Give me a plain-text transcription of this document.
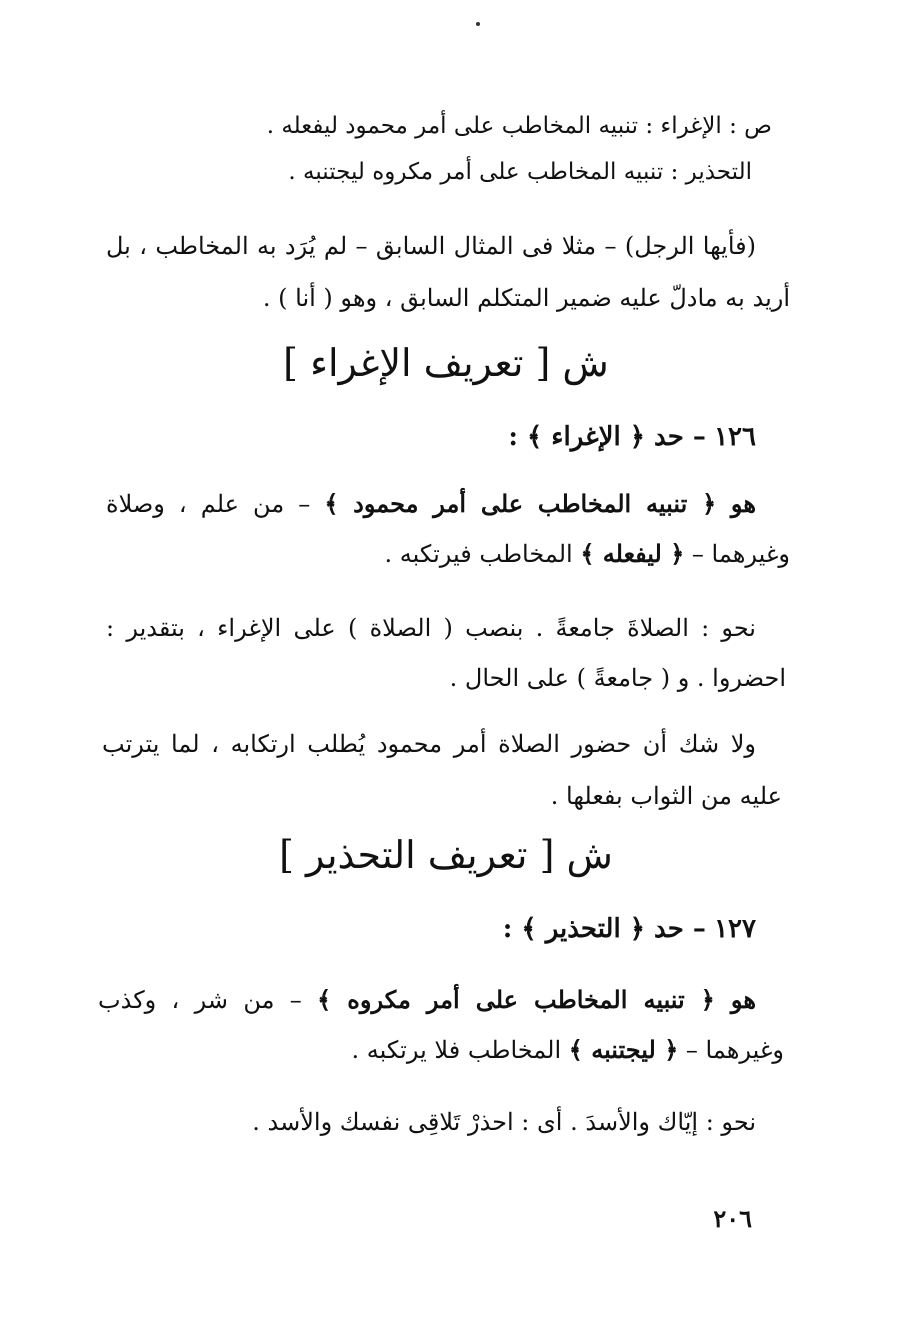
ص : الإغراء : تنبيه المخاطب على أمر محمود ليفعله .
التحذير : تنبيه المخاطب على أمر مكروه ليجتنبه .
(فأيها الرجل) – مثلا فى المثال السابق – لم يُرَد به المخاطب ، بل
أريد به مادلّ عليه ضمير المتكلم السابق ، وهو ( أنا ) .
ش [ تعريف الإغراء ]
١٢٦ – حد ﴿ الإغراء ﴾ :
هو ﴿ تنبيه المخاطب على أمر محمود ﴾ – من علم ، وصلاة
وغيرهما – ﴿ ليفعله ﴾ المخاطب فيرتكبه .
نحو : الصلاةَ جامعةً . بنصب ( الصلاة ) على الإغراء ، بتقدير :
احضروا . و ( جامعةً ) على الحال .
ولا شك أن حضور الصلاة أمر محمود يُطلب ارتكابه ، لما يترتب
عليه من الثواب بفعلها .
ش [ تعريف التحذير ]
١٢٧ – حد ﴿ التحذير ﴾ :
هو ﴿ تنبيه المخاطب على أمر مكروه ﴾ – من شر ، وكذب
وغيرهما – ﴿ ليجتنبه ﴾ المخاطب فلا يرتكبه .
نحو : إيّاك والأسدَ . أى : احذرْ تَلاقِى نفسك والأسد .
٢٠٦
